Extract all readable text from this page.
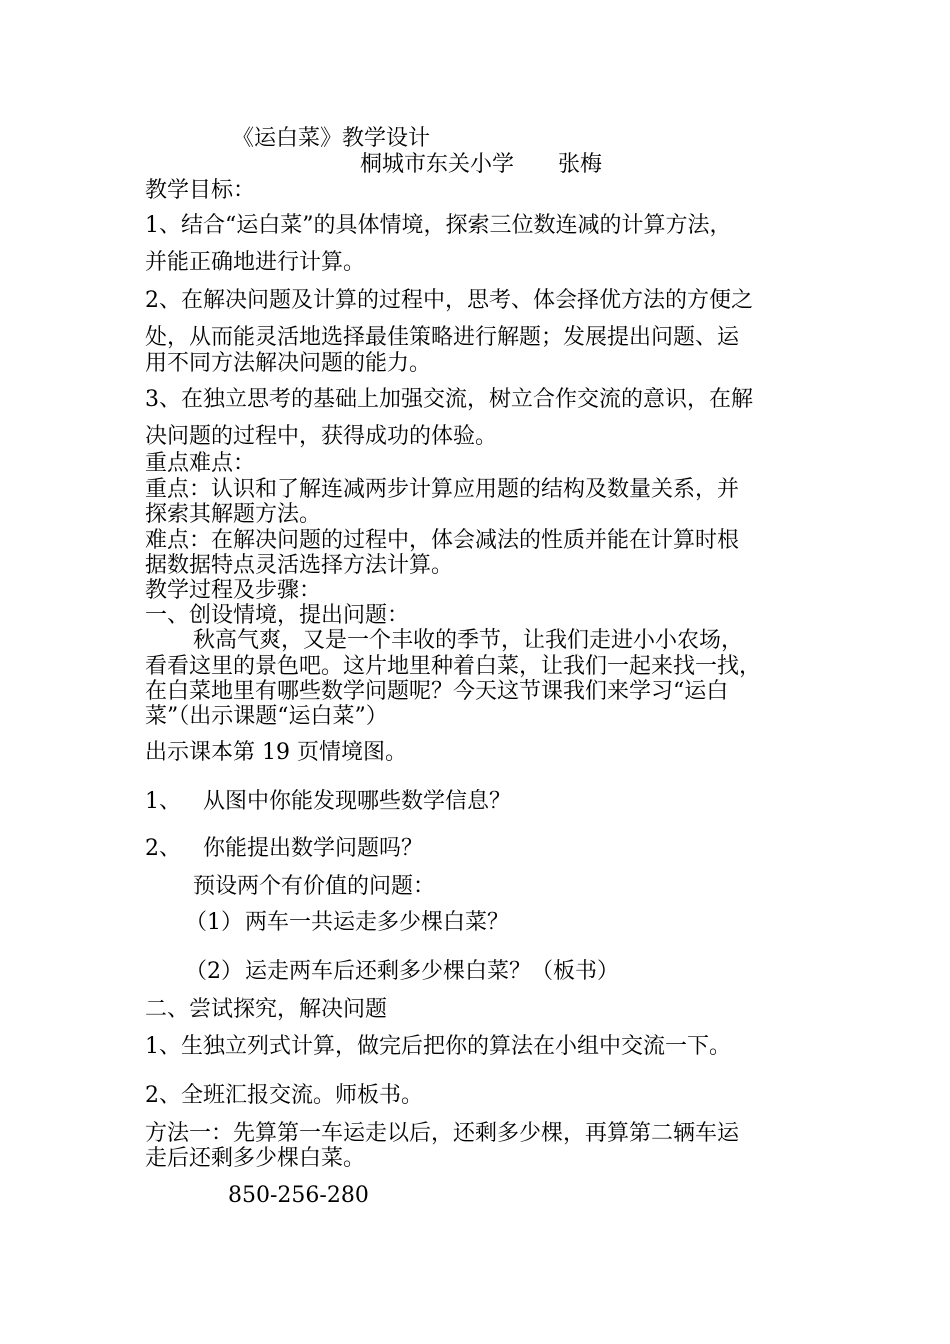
《运白菜》教学设计
桐城市东关小学　　张梅
教学目标：
1、结合“运白菜”的具体情境，探索三位数连减的计算方法，
并能正确地进行计算。
2、在解决问题及计算的过程中，思考、体会择优方法的方便之
处，从而能灵活地选择最佳策略进行解题；发展提出问题、运
用不同方法解决问题的能力。
3、在独立思考的基础上加强交流，树立合作交流的意识，在解
决问题的过程中，获得成功的体验。
重点难点：
重点：认识和了解连减两步计算应用题的结构及数量关系，并
探索其解题方法。
难点：在解决问题的过程中，体会减法的性质并能在计算时根
据数据特点灵活选择方法计算。
教学过程及步骤：
一、创设情境，提出问题：
秋高气爽，又是一个丰收的季节，让我们走进小小农场，
看看这里的景色吧。这片地里种着白菜，让我们一起来找一找，
在白菜地里有哪些数学问题呢？今天这节课我们来学习“运白
菜”（出示课题“运白菜”）
出示课本第 19 页情境图。
1、 从图中你能发现哪些数学信息？
2、 你能提出数学问题吗？
预设两个有价值的问题：
（1） 两车一共运走多少棵白菜？
（2） 运走两车后还剩多少棵白菜？（板书）
二、尝试探究，解决问题
1、生独立列式计算，做完后把你的算法在小组中交流一下。
2、全班汇报交流。师板书。
方法一：先算第一车运走以后，还剩多少棵，再算第二辆车运
走后还剩多少棵白菜。
850-256-280
